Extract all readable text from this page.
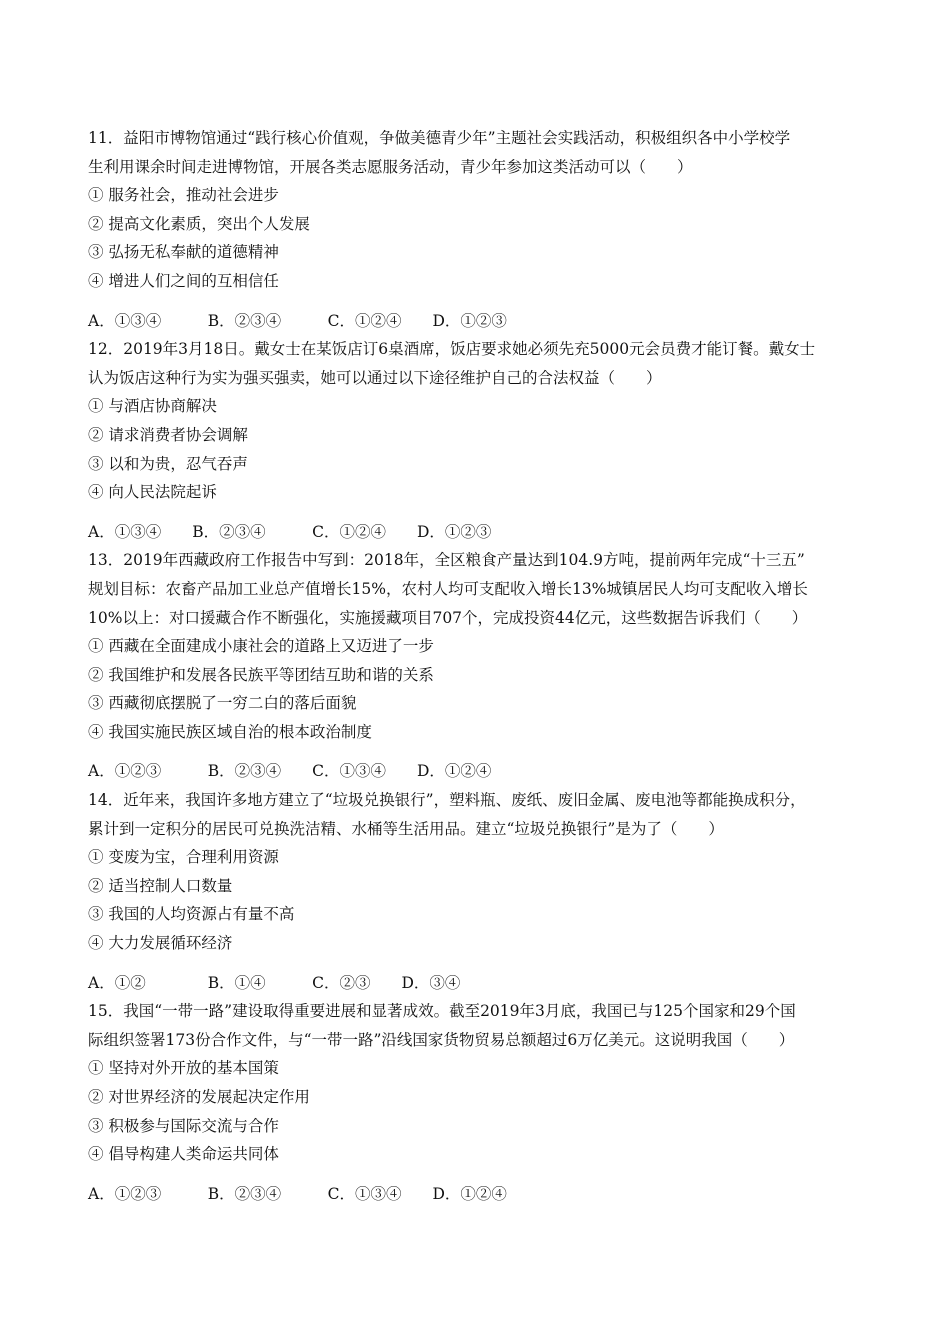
11．益阳市博物馆通过“践行核心价值观，争做美德青少年”主题社会实践活动，积极组织各中小学校学
生利用课余时间走进博物馆，开展各类志愿服务活动，青少年参加这类活动可以（　　）
① 服务社会，推动社会进步
② 提高文化素质，突出个人发展
③ 弘扬无私奉献的道德精神
④ 增进人们之间的互相信任
A．①③④　　　B．②③④　　　C．①②④　　D．①②③
12．2019年3月18日。戴女士在某饭店订6桌酒席，饭店要求她必须先充5000元会员费才能订餐。戴女士
认为饭店这种行为实为强买强卖，她可以通过以下途径维护自己的合法权益（　　）
① 与酒店协商解决
② 请求消费者协会调解
③ 以和为贵，忍气吞声
④ 向人民法院起诉
A．①③④　　B．②③④　　　C．①②④　　D．①②③
13．2019年西藏政府工作报告中写到：2018年，全区粮食产量达到104.9方吨，提前两年完成“十三五”
规划目标：农畜产品加工业总产值增长15%，农村人均可支配收入增长13%城镇居民人均可支配收入增长
10%以上：对口援藏合作不断强化，实施援藏项目707个，完成投资44亿元，这些数据告诉我们（　　）
① 西藏在全面建成小康社会的道路上又迈进了一步
② 我国维护和发展各民族平等团结互助和谐的关系
③ 西藏彻底摆脱了一穷二白的落后面貌
④ 我国实施民族区域自治的根本政治制度
A．①②③　　　B．②③④　　C．①③④　　D．①②④
14．近年来，我国许多地方建立了“垃圾兑换银行”，塑料瓶、废纸、废旧金属、废电池等都能换成积分，
累计到一定积分的居民可兑换洗洁精、水桶等生活用品。建立“垃圾兑换银行”是为了（　　）
① 变废为宝，合理利用资源
② 适当控制人口数量
③ 我国的人均资源占有量不高
④ 大力发展循环经济
A．①②　　　　B．①④　　　C．②③　　D．③④
15．我国“一带一路”建设取得重要进展和显著成效。截至2019年3月底，我国已与125个国家和29个国
际组织签署173份合作文件，与“一带一路”沿线国家货物贸易总额超过6万亿美元。这说明我国（　　）
① 坚持对外开放的基本国策
② 对世界经济的发展起决定作用
③ 积极参与国际交流与合作
④ 倡导构建人类命运共同体
A．①②③　　　B．②③④　　　C．①③④　　D．①②④
